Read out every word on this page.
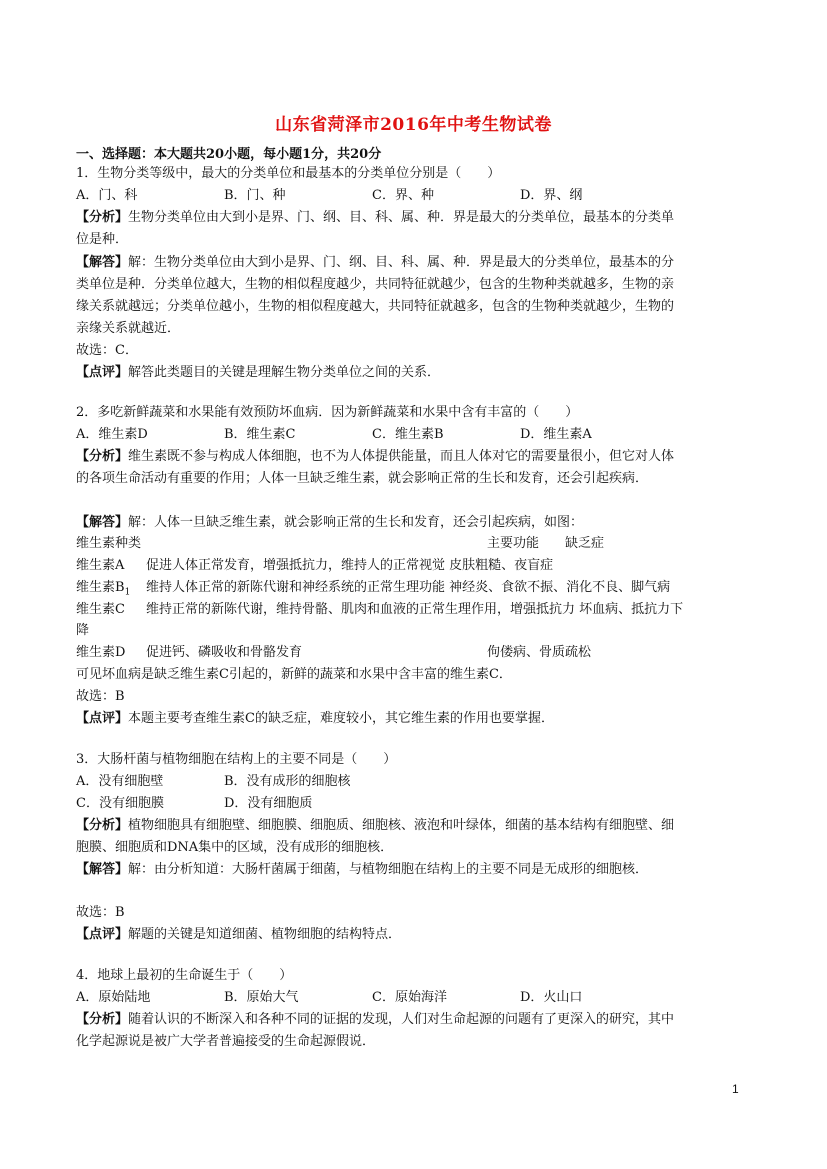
山东省菏泽市2016年中考生物试卷
一、选择题：本大题共20小题，每小题1分，共20分
1．生物分类等级中，最大的分类单位和最基本的分类单位分别是（　　）
A．门、科	B．门、种	C．界、种	D．界、纲
【分析】生物分类单位由大到小是界、门、纲、目、科、属、种．界是最大的分类单位，最基本的分类单
位是种．
【解答】解：生物分类单位由大到小是界、门、纲、目、科、属、种．界是最大的分类单位，最基本的分
类单位是种．分类单位越大，生物的相似程度越少，共同特征就越少，包含的生物种类就越多，生物的亲
缘关系就越远；分类单位越小，生物的相似程度越大，共同特征就越多，包含的生物种类就越少，生物的
亲缘关系就越近．
故选：C．
【点评】解答此类题目的关键是理解生物分类单位之间的关系．
2．多吃新鲜蔬菜和水果能有效预防坏血病．因为新鲜蔬菜和水果中含有丰富的（　　）
A．维生素D	B．维生素C	C．维生素B	D．维生素A
【分析】维生素既不参与构成人体细胞，也不为人体提供能量，而且人体对它的需要量很小，但它对人体
的各项生命活动有重要的作用；人体一旦缺乏维生素，就会影响正常的生长和发育，还会引起疾病．
【解答】解：人体一旦缺乏维生素，就会影响正常的生长和发育，还会引起疾病，如图：
维生素种类	主要功能　　缺乏症
维生素A 促进人体正常发育，增强抵抗力，维持人的正常视觉 皮肤粗糙、夜盲症
维生素$B_1$ 维持人体正常的新陈代谢和神经系统的正常生理功能 神经炎、食欲不振、消化不良、脚气病
维生素C 维持正常的新陈代谢，维持骨骼、肌肉和血液的正常生理作用，增强抵抗力 坏血病、抵抗力下
降
维生素D 促进钙、磷吸收和骨骼发育	佝偻病、骨质疏松
可见坏血病是缺乏维生素C引起的，新鲜的蔬菜和水果中含丰富的维生素C．
故选：B
【点评】本题主要考查维生素C的缺乏症，难度较小，其它维生素的作用也要掌握．
3．大肠杆菌与植物细胞在结构上的主要不同是（　　）
A．没有细胞壁	B．没有成形的细胞核
C．没有细胞膜	D．没有细胞质
【分析】植物细胞具有细胞壁、细胞膜、细胞质、细胞核、液泡和叶绿体，细菌的基本结构有细胞壁、细
胞膜、细胞质和DNA集中的区域，没有成形的细胞核．
【解答】解：由分析知道：大肠杆菌属于细菌，与植物细胞在结构上的主要不同是无成形的细胞核．
故选：B
【点评】解题的关键是知道细菌、植物细胞的结构特点．
4．地球上最初的生命诞生于（　　）
A．原始陆地	B．原始大气	C．原始海洋	D．火山口
【分析】随着认识的不断深入和各种不同的证据的发现，人们对生命起源的问题有了更深入的研究，其中
化学起源说是被广大学者普遍接受的生命起源假说．
1
